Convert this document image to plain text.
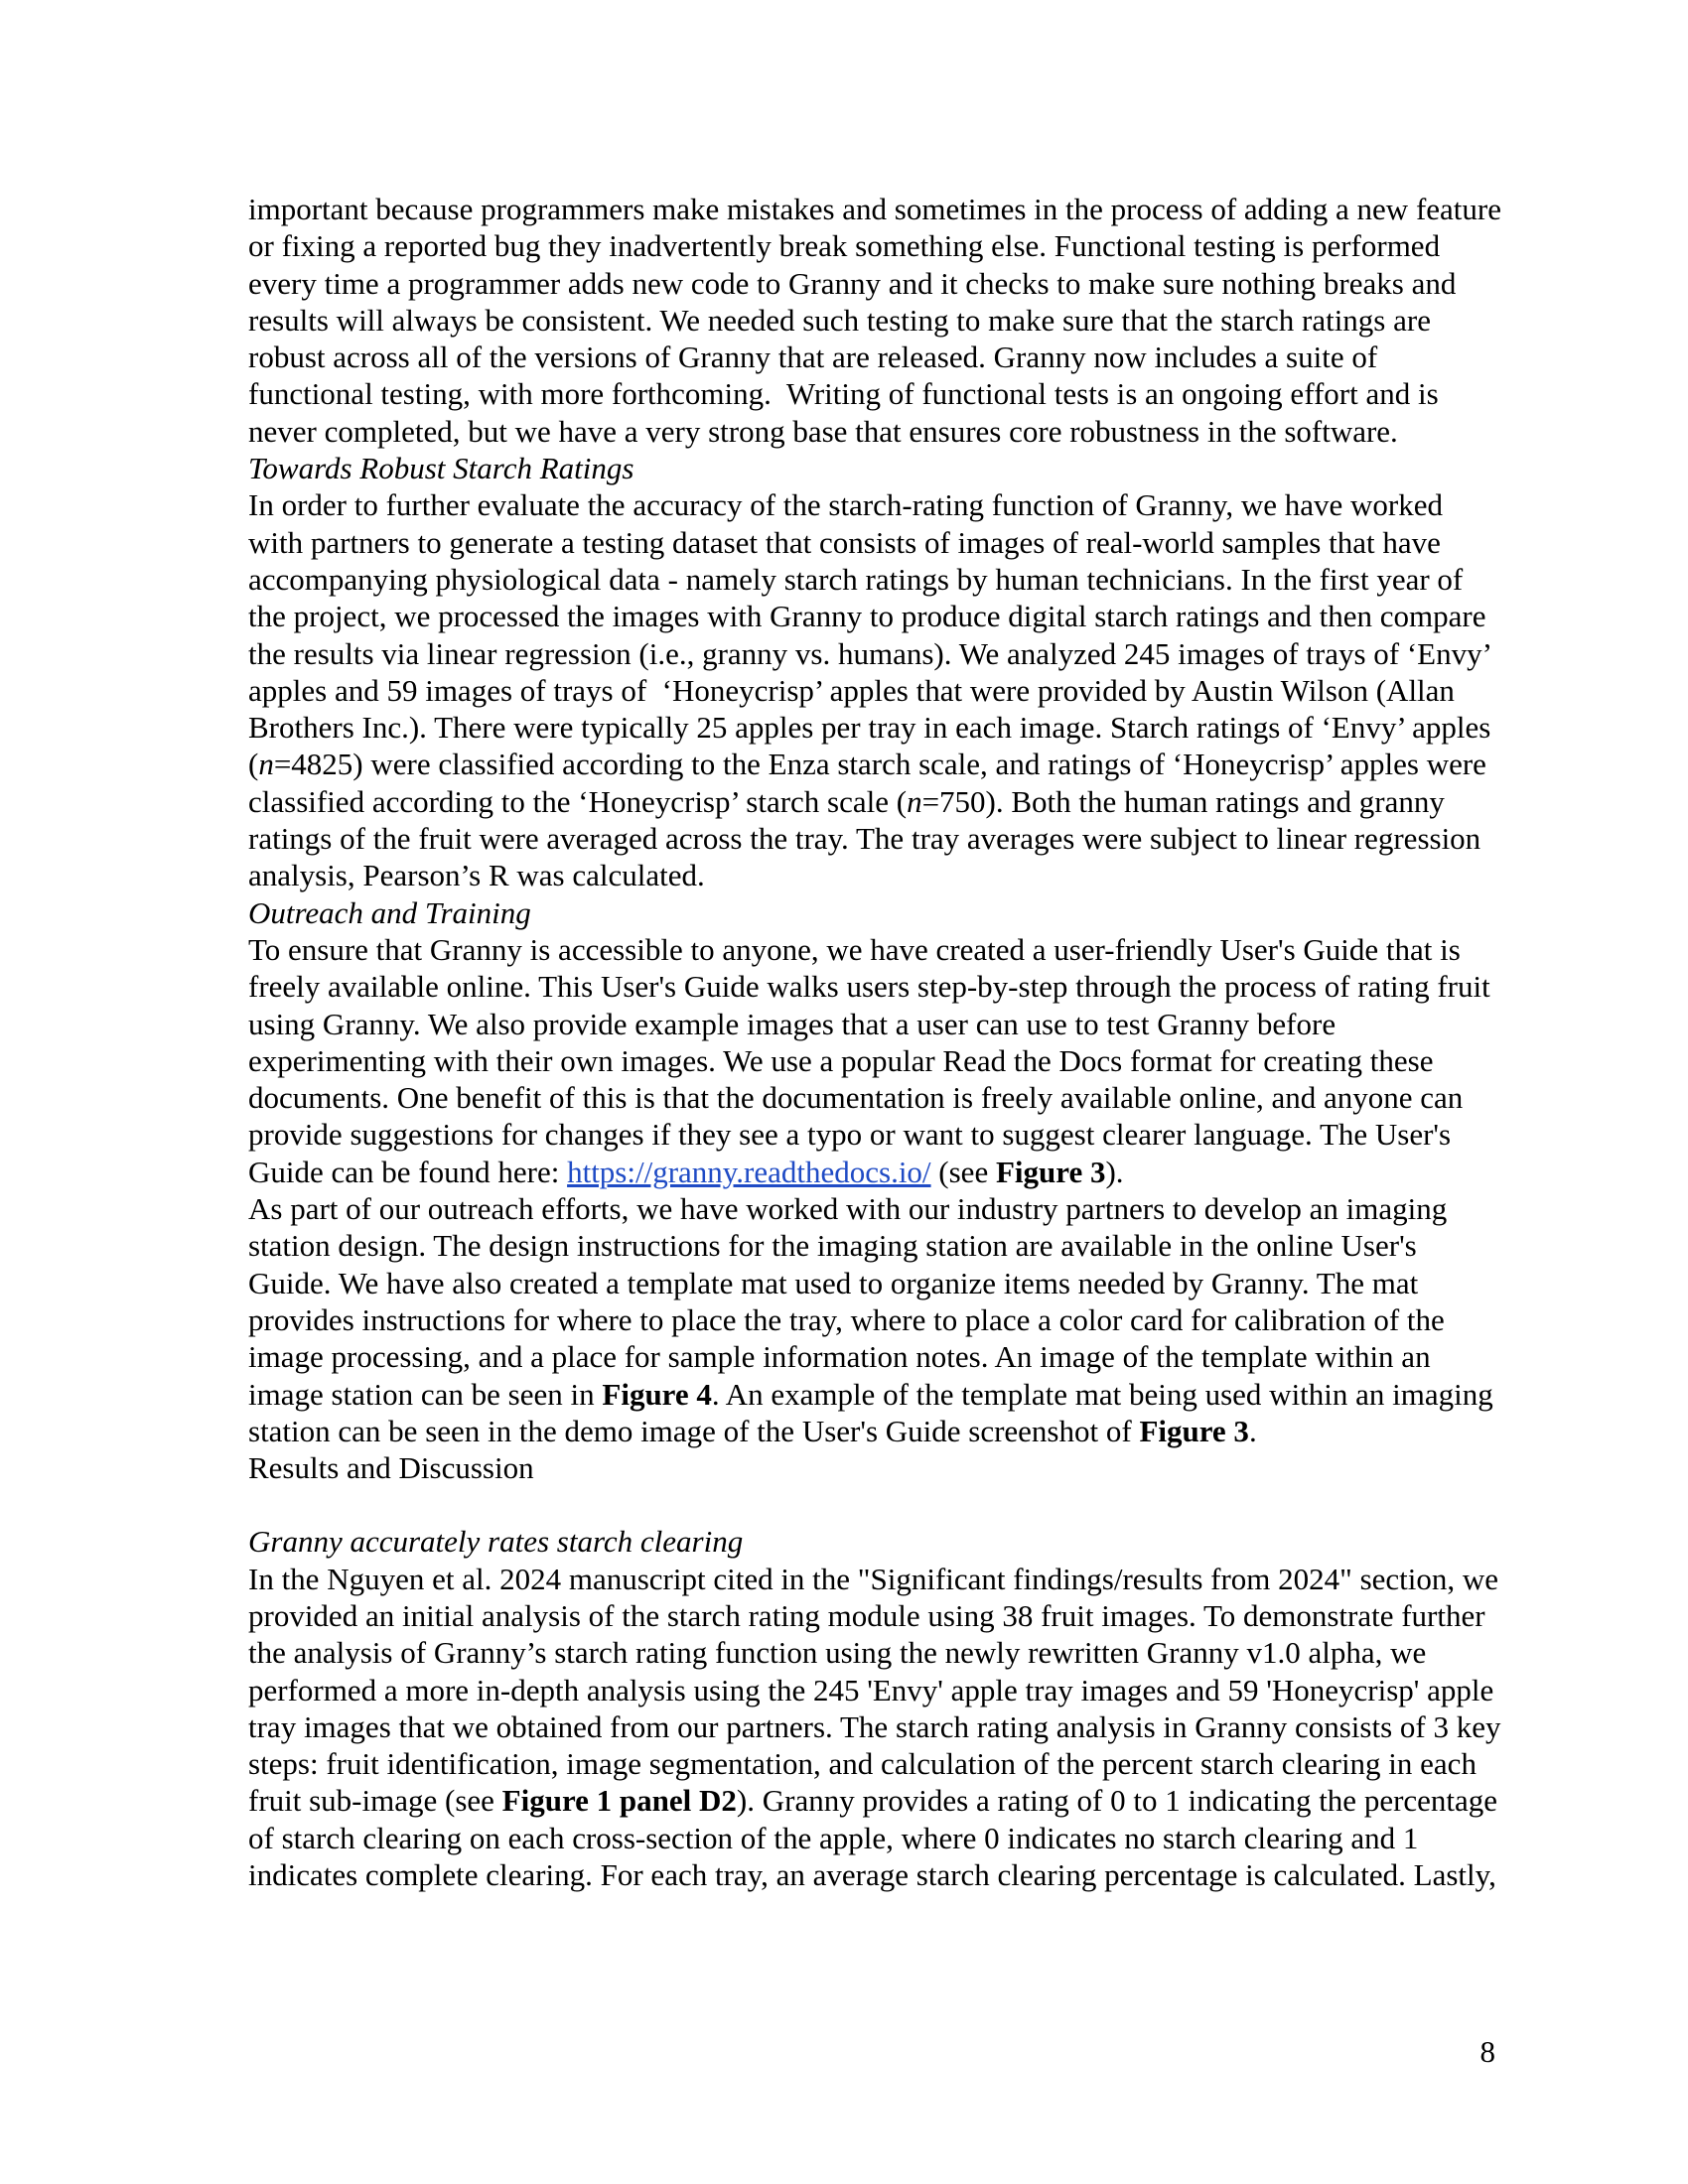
important because programmers make mistakes and sometimes in the process of adding a new feature or fixing a reported bug they inadvertently break something else. Functional testing is performed every time a programmer adds new code to Granny and it checks to make sure nothing breaks and results will always be consistent. We needed such testing to make sure that the starch ratings are robust across all of the versions of Granny that are released. Granny now includes a suite of functional testing, with more forthcoming.  Writing of functional tests is an ongoing effort and is never completed, but we have a very strong base that ensures core robustness in the software.

Towards Robust Starch Ratings

In order to further evaluate the accuracy of the starch-rating function of Granny, we have worked with partners to generate a testing dataset that consists of images of real-world samples that have accompanying physiological data - namely starch ratings by human technicians. In the first year of the project, we processed the images with Granny to produce digital starch ratings and then compare the results via linear regression (i.e., granny vs. humans). We analyzed 245 images of trays of ‘Envy’ apples and 59 images of trays of  ‘Honeycrisp’ apples that were provided by Austin Wilson (Allan Brothers Inc.). There were typically 25 apples per tray in each image. Starch ratings of ‘Envy’ apples (n=4825) were classified according to the Enza starch scale, and ratings of ‘Honeycrisp’ apples were classified according to the ‘Honeycrisp’ starch scale (n=750). Both the human ratings and granny ratings of the fruit were averaged across the tray. The tray averages were subject to linear regression analysis, Pearson’s R was calculated.

Outreach and Training

To ensure that Granny is accessible to anyone, we have created a user-friendly User's Guide that is freely available online. This User's Guide walks users step-by-step through the process of rating fruit using Granny. We also provide example images that a user can use to test Granny before experimenting with their own images. We use a popular Read the Docs format for creating these documents. One benefit of this is that the documentation is freely available online, and anyone can provide suggestions for changes if they see a typo or want to suggest clearer language. The User's Guide can be found here: https://granny.readthedocs.io/ (see Figure 3).

As part of our outreach efforts, we have worked with our industry partners to develop an imaging station design. The design instructions for the imaging station are available in the online User's Guide. We have also created a template mat used to organize items needed by Granny. The mat provides instructions for where to place the tray, where to place a color card for calibration of the image processing, and a place for sample information notes. An image of the template within an image station can be seen in Figure 4. An example of the template mat being used within an imaging station can be seen in the demo image of the User's Guide screenshot of Figure 3.

Results and Discussion
Granny accurately rates starch clearing

In the Nguyen et al. 2024 manuscript cited in the "Significant findings/results from 2024" section, we provided an initial analysis of the starch rating module using 38 fruit images. To demonstrate further the analysis of Granny’s starch rating function using the newly rewritten Granny v1.0 alpha, we performed a more in-depth analysis using the 245 'Envy' apple tray images and 59 'Honeycrisp' apple tray images that we obtained from our partners. The starch rating analysis in Granny consists of 3 key steps: fruit identification, image segmentation, and calculation of the percent starch clearing in each fruit sub-image (see Figure 1 panel D2). Granny provides a rating of 0 to 1 indicating the percentage of starch clearing on each cross-section of the apple, where 0 indicates no starch clearing and 1 indicates complete clearing. For each tray, an average starch clearing percentage is calculated. Lastly,

8
